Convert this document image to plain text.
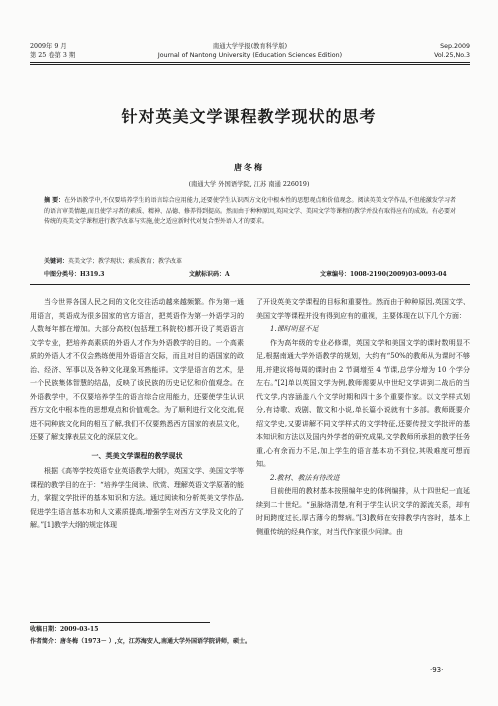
2009年 9 月
第 25 卷第 3 期
南通大学学报(教育科学版)
Journal of Nantong University (Education Sciences Edition)
Sep.2009
Vol.25,No.3
针对英美文学课程教学现状的思考
唐冬梅
(南通大学 外国语学院, 江苏 南通 226019)
摘 要：在外语教学中,不仅要培养学生的语言综合应用能力,还要使学生认识西方文化中根本性的思想观点和价值观念。阅读英美文学作品,不但能激发学习者的语言审美情趣,而且使学习者的素质、精神、品德、修养得到提高。然而由于种种原因,英国文学、美国文学等课程的教学并没有取得应有的成效。有必要对传统的英美文学课程进行教学改革与实施,使之适应新时代对复合型外语人才的要求。
关键词：英美文学；教学现状；素质教育；教学改革
中图分类号：H319.3	文献标识码：A	文章编号：1008-2190(2009)03-0093-04

当今世界各国人民之间的文化交往活动越来越频繁。作为第一通用语言，英语成为很多国家的官方语言，把英语作为第一外语学习的人数每年都在增加。大部分高校(包括理工科院校)都开设了英语语言文学专业，把培养高素质的外语人才作为外语教学的目的。一个高素质的外语人才不仅会熟练使用外语语言交际，而且对目的语国家的政治、经济、军事以及各种文化现象耳熟能详。文学是语言的艺术，是一个民族集体智慧的结晶，反映了该民族的历史记忆和价值观念。在外语教学中，不仅要培养学生的语言综合应用能力，还要使学生认识西方文化中根本性的思想观点和价值观念。为了顺利进行文化交流,促进不同种族文化间的相互了解,我们不仅要熟悉西方国家的表层文化，还要了解支撑表层文化的深层文化。

一、英美文学课程的教学现状

根据《高等学校英语专业英语教学大纲》，英国文学、美国文学等课程的教学目的在于：“培养学生阅读、欣赏、理解英语文学原著的能力，掌握文学批评的基本知识和方法。通过阅读和分析英美文学作品,促进学生语言基本功和人文素质提高,增强学生对西方文学及文化的了解。”[1]教学大纲的规定体现

了开设英美文学课程的目标和重要性。然而由于种种原因,英国文学、美国文学等课程并没有得到应有的重视，主要体现在以下几个方面：

1.课时明显不足

作为高年级的专业必修课，英国文学和美国文学的课时数明显不足,根据南通大学外语教学的规划，大约有“50%的教师从为课时不够用,并建议将每周的课时由 2 节调增至 4 节课,总学分增为 10 个学分左右。”[2]单以英国文学为例,教师需要从中世纪文学讲到二战后的当代文学,内容涵盖八个文学时期和四十多个重要作家。以文学样式划分,有诗歌、戏剧、散文和小说,单长篇小说就有十多部。教师既要介绍文学史,又要讲解不同文学样式的文学特征,还要传授文学批评的基本知识和方法以及国内外学者的研究成果,文学教师所承担的教学任务重,心有余而力不足,加上学生的语言基本功不到位,其吸难度可想而知。

2.教材、教法有待改进

目前使用的教材基本按照编年史的体例编排，从十四世纪一直延续到二十世纪。“虽脉络清楚,有利于学生认识文学的源流关系，却有时间跨度过长,厚古薄今的弊病。”[3]教师在安排教学内容时，基本上侧重传统的经典作家，对当代作家很少问津。由

收稿日期：2009-03-15
作者简介：唐冬梅（1973－ ）,女，江苏海安人,南通大学外国语学院讲师，硕士。
·93·
